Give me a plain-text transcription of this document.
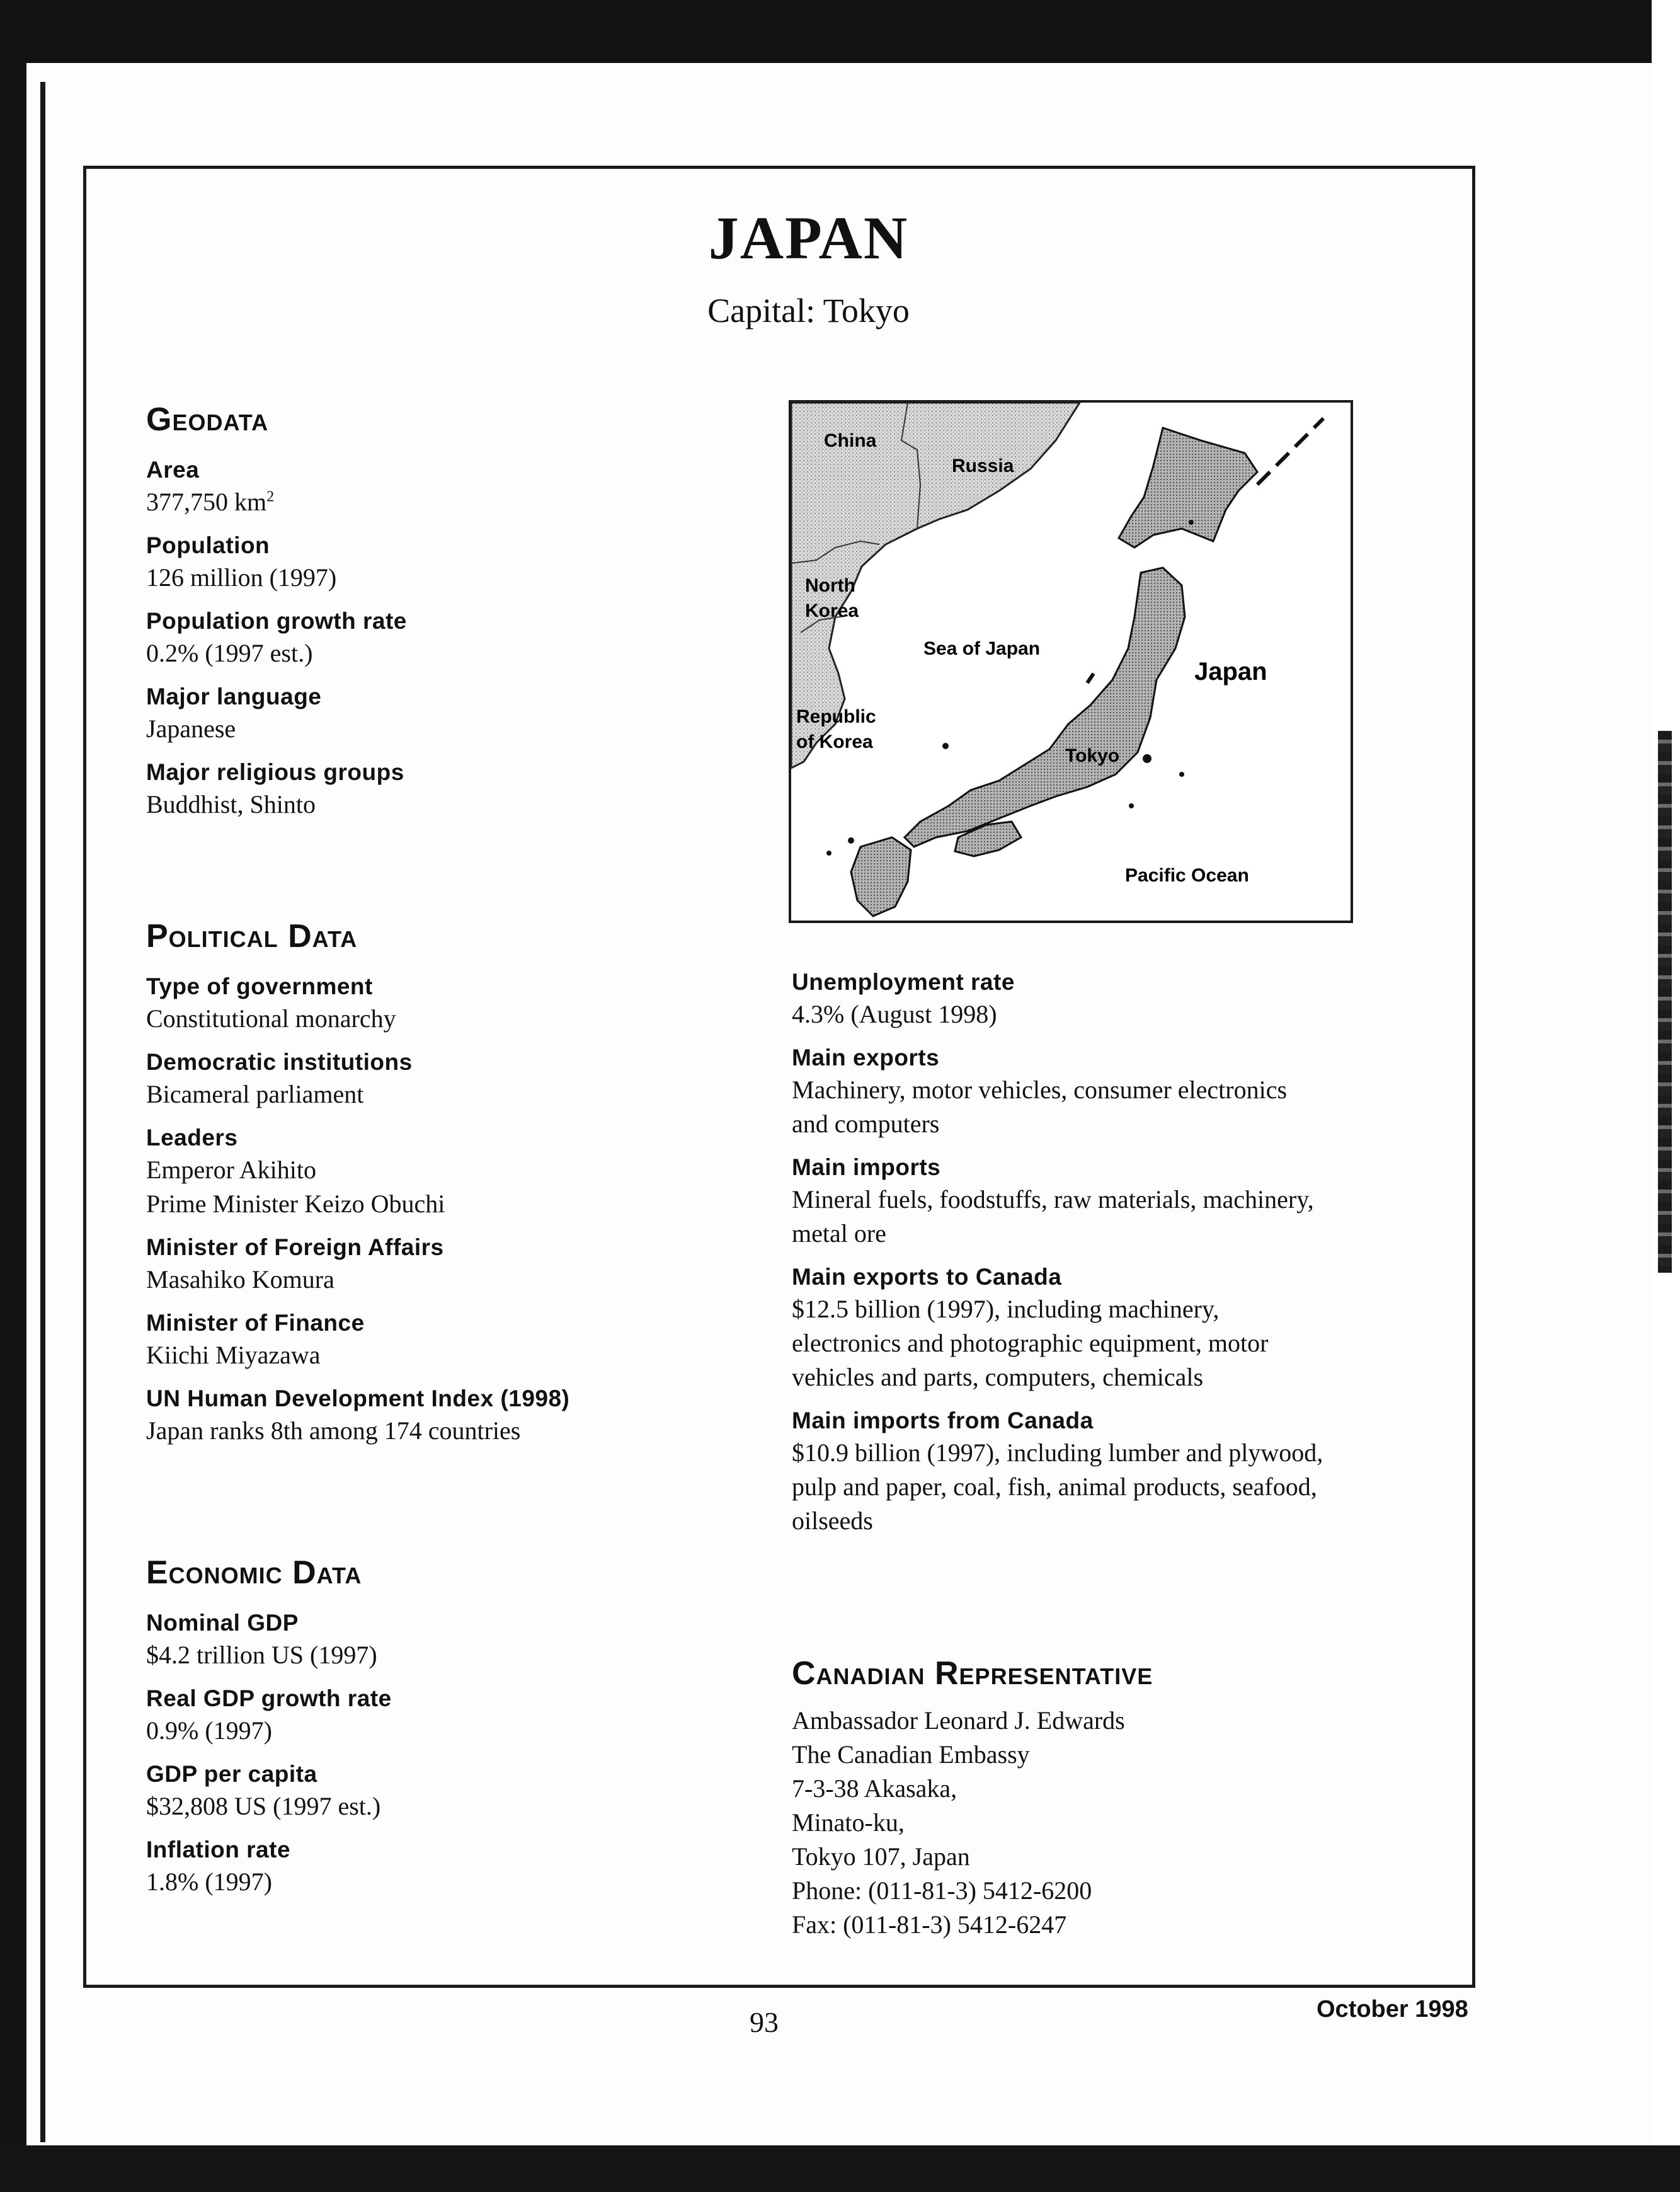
JAPAN
Capital: Tokyo
Geodata
Area
377,750 $km^2$
Population
126 million (1997)
Population growth rate
0.2% (1997 est.)
Major language
Japanese
Major religious groups
Buddhist, Shinto
Political Data
Type of government
Constitutional monarchy
Democratic institutions
Bicameral parliament
Leaders
Emperor Akihito
Prime Minister Keizo Obuchi
Minister of Foreign Affairs
Masahiko Komura
Minister of Finance
Kiichi Miyazawa
UN Human Development Index (1998)
Japan ranks 8th among 174 countries
Economic Data
Nominal GDP
$4.2 trillion US (1997)
Real GDP growth rate
0.9% (1997)
GDP per capita
$32,808 US (1997 est.)
Inflation rate
1.8% (1997)
China
Russia
North
Korea
Sea of Japan
Japan
Republic
of Korea
Tokyo
Pacific Ocean
Unemployment rate
4.3% (August 1998)
Main exports
Machinery, motor vehicles, consumer electronics
and computers
Main imports
Mineral fuels, foodstuffs, raw materials, machinery,
metal ore
Main exports to Canada
$12.5 billion (1997), including machinery,
electronics and photographic equipment, motor
vehicles and parts, computers, chemicals
Main imports from Canada
$10.9 billion (1997), including lumber and plywood,
pulp and paper, coal, fish, animal products, seafood,
oilseeds
Canadian Representative
Ambassador Leonard J. Edwards
The Canadian Embassy
7-3-38 Akasaka,
Minato-ku,
Tokyo 107, Japan
Phone: (011-81-3) 5412-6200
Fax: (011-81-3) 5412-6247
93	October 1998
